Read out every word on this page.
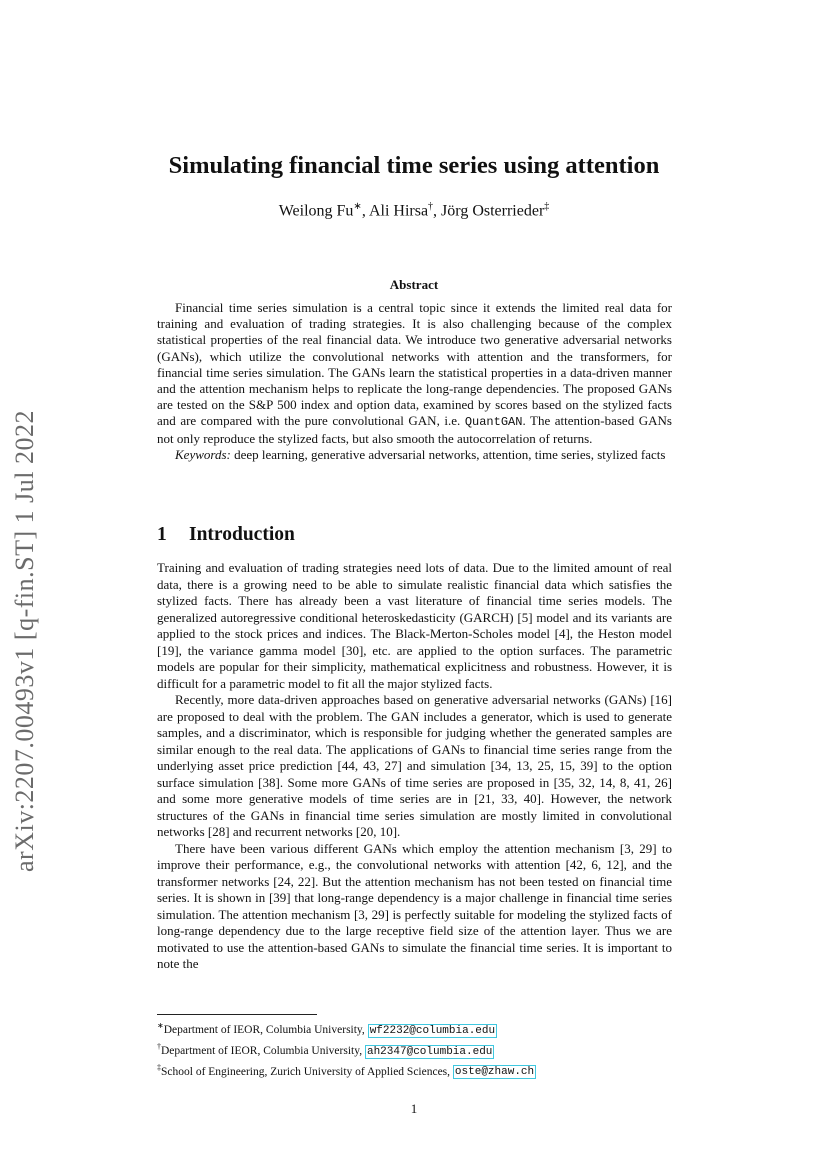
arXiv:2207.00493v1 [q-fin.ST] 1 Jul 2022
Simulating financial time series using attention
Weilong Fu∗, Ali Hirsa†, Jörg Osterrieder‡
Abstract

Financial time series simulation is a central topic since it extends the limited real data for training and evaluation of trading strategies. It is also challenging because of the complex statistical properties of the real financial data. We introduce two generative adversarial networks (GANs), which utilize the convolutional networks with attention and the transformers, for financial time series simulation. The GANs learn the statistical properties in a data-driven manner and the attention mechanism helps to replicate the long-range dependencies. The proposed GANs are tested on the S&P 500 index and option data, examined by scores based on the stylized facts and are compared with the pure convolutional GAN, i.e. QuantGAN. The attention-based GANs not only reproduce the stylized facts, but also smooth the autocorrelation of returns.

Keywords: deep learning, generative adversarial networks, attention, time series, stylized facts

1 Introduction

Training and evaluation of trading strategies need lots of data. Due to the limited amount of real data, there is a growing need to be able to simulate realistic financial data which satisfies the stylized facts. There has already been a vast literature of financial time series models. The generalized autoregressive conditional heteroskedasticity (GARCH) [5] model and its variants are applied to the stock prices and indices. The Black-Merton-Scholes model [4], the Heston model [19], the variance gamma model [30], etc. are applied to the option surfaces. The parametric models are popular for their simplicity, mathematical explicitness and robustness. However, it is difficult for a parametric model to fit all the major stylized facts.

Recently, more data-driven approaches based on generative adversarial networks (GANs) [16] are proposed to deal with the problem. The GAN includes a generator, which is used to generate samples, and a discriminator, which is responsible for judging whether the generated samples are similar enough to the real data. The applications of GANs to financial time series range from the underlying asset price prediction [44, 43, 27] and simulation [34, 13, 25, 15, 39] to the option surface simulation [38]. Some more GANs of time series are proposed in [35, 32, 14, 8, 41, 26] and some more generative models of time series are in [21, 33, 40]. However, the network structures of the GANs in financial time series simulation are mostly limited in convolutional networks [28] and recurrent networks [20, 10].

There have been various different GANs which employ the attention mechanism [3, 29] to improve their performance, e.g., the convolutional networks with attention [42, 6, 12], and the transformer networks [24, 22]. But the attention mechanism has not been tested on financial time series. It is shown in [39] that long-range dependency is a major challenge in financial time series simulation. The attention mechanism [3, 29] is perfectly suitable for modeling the stylized facts of long-range dependency due to the large receptive field size of the attention layer. Thus we are motivated to use the attention-based GANs to simulate the financial time series. It is important to note the

∗Department of IEOR, Columbia University, wf2232@columbia.edu
†Department of IEOR, Columbia University, ah2347@columbia.edu
‡School of Engineering, Zurich University of Applied Sciences, oste@zhaw.ch
1
